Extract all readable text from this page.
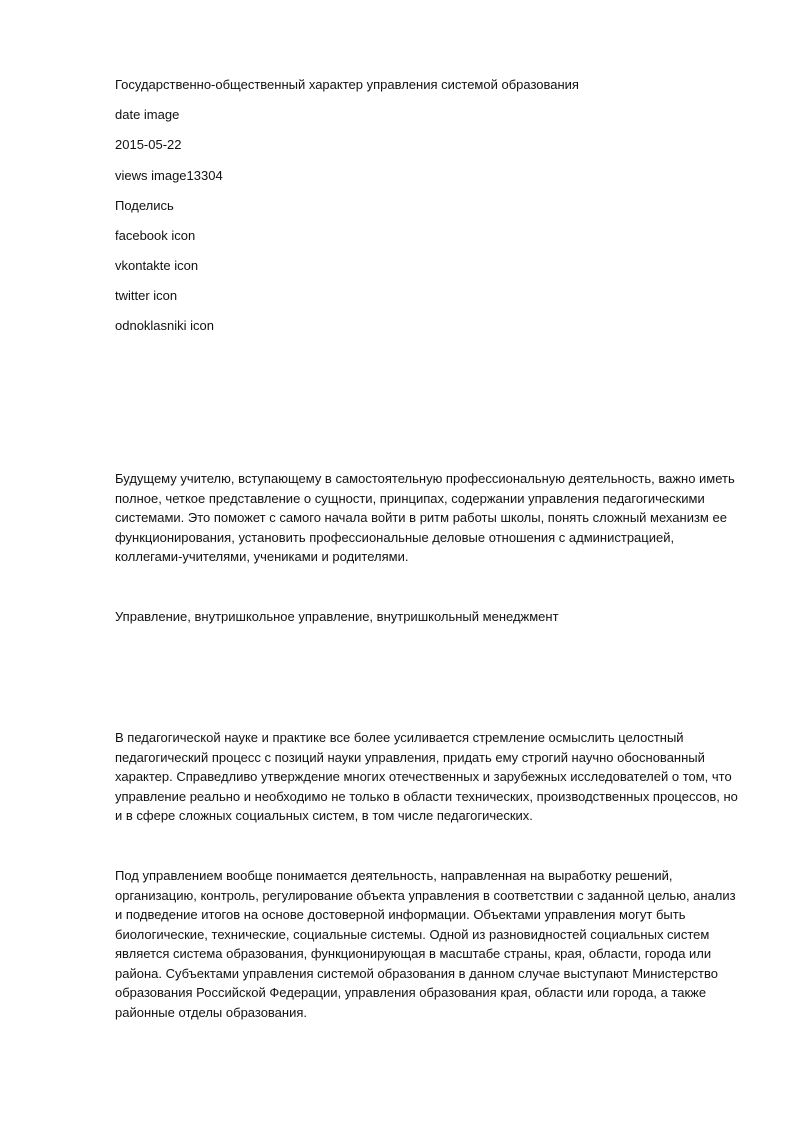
Государственно-общественный характер управления системой образования
date image
2015-05-22
views image13304
Поделись
facebook icon
vkontakte icon
twitter icon
odnoklasniki icon

Будущему учителю, вступающему в самостоятельную профессиональную деятельность, важно иметь полное, четкое представление о сущности, принципах, содержании управления педагогическими системами. Это поможет с самого начала войти в ритм работы школы, понять сложный механизм ее функционирования, установить профессиональные деловые отношения с администрацией, коллегами-учителями, учениками и родителями.

Управление, внутришкольное управление, внутришкольный менеджмент

В педагогической науке и практике все более усиливается стремление осмыслить целостный педагогический процесс с позиций науки управления, придать ему строгий научно обоснованный характер. Справедливо утверждение многих отечественных и зарубежных исследователей о том, что управление реально и необходимо не только в области технических, производственных процессов, но и в сфере сложных социальных систем, в том числе педагогических.

Под управлением вообще понимается деятельность, направленная на выработку решений, организацию, контроль, регулирование объекта управления в соответствии с заданной целью, анализ и подведение итогов на основе достоверной информации. Объектами управления могут быть биологические, технические, социальные системы. Одной из разновидностей социальных систем является система образования, функционирующая в масштабе страны, края, области, города или района. Субъектами управления системой образования в данном случае выступают Министерство образования Российской Федерации, управления образования края, области или города, а также районные отделы образования.
